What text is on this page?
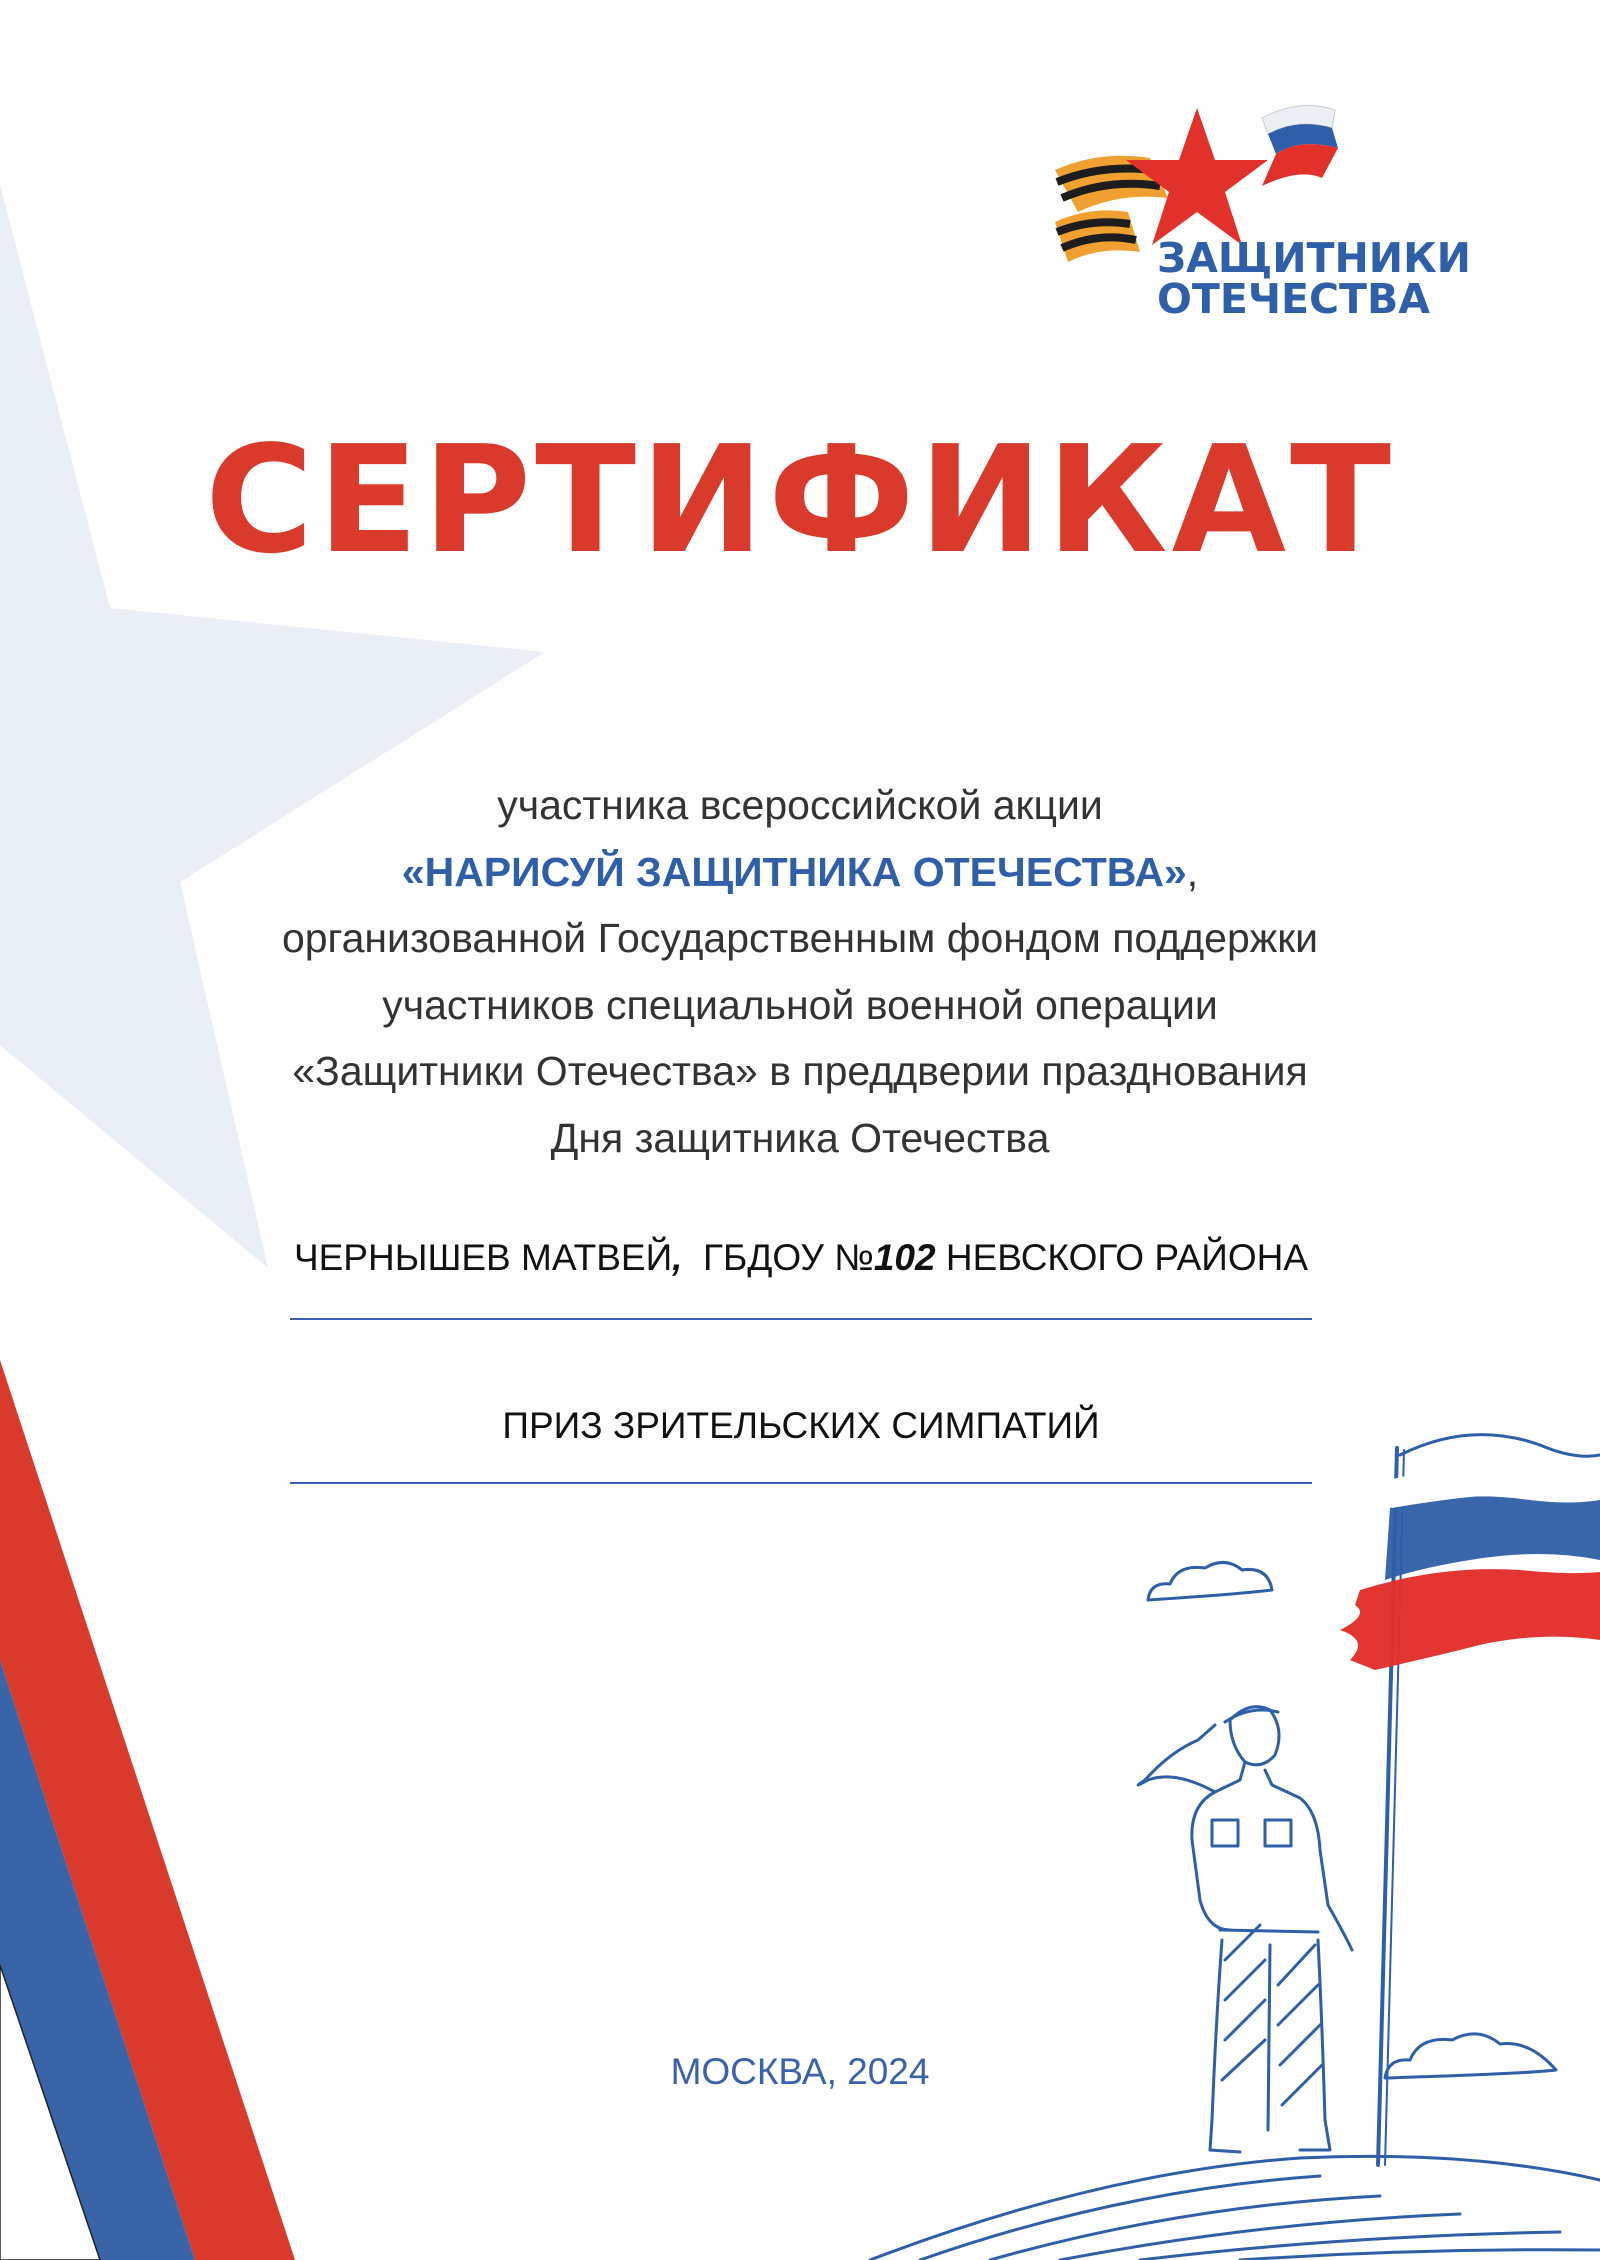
ЗАЩИТНИКИ
ОТЕЧЕСТВА
СЕРТИФИКАТ
участника всероссийской акции
«НАРИСУЙ ЗАЩИТНИКА ОТЕЧЕСТВА»,
организованной Государственным фондом поддержки
участников специальной военной операции
«Защитники Отечества» в преддверии празднования
Дня защитника Отечества
ЧЕРНЫШЕВ МАТВЕЙ, ГБДОУ №102 НЕВСКОГО РАЙОНА
ПРИЗ ЗРИТЕЛЬСКИХ СИМПАТИЙ
МОСКВА, 2024
